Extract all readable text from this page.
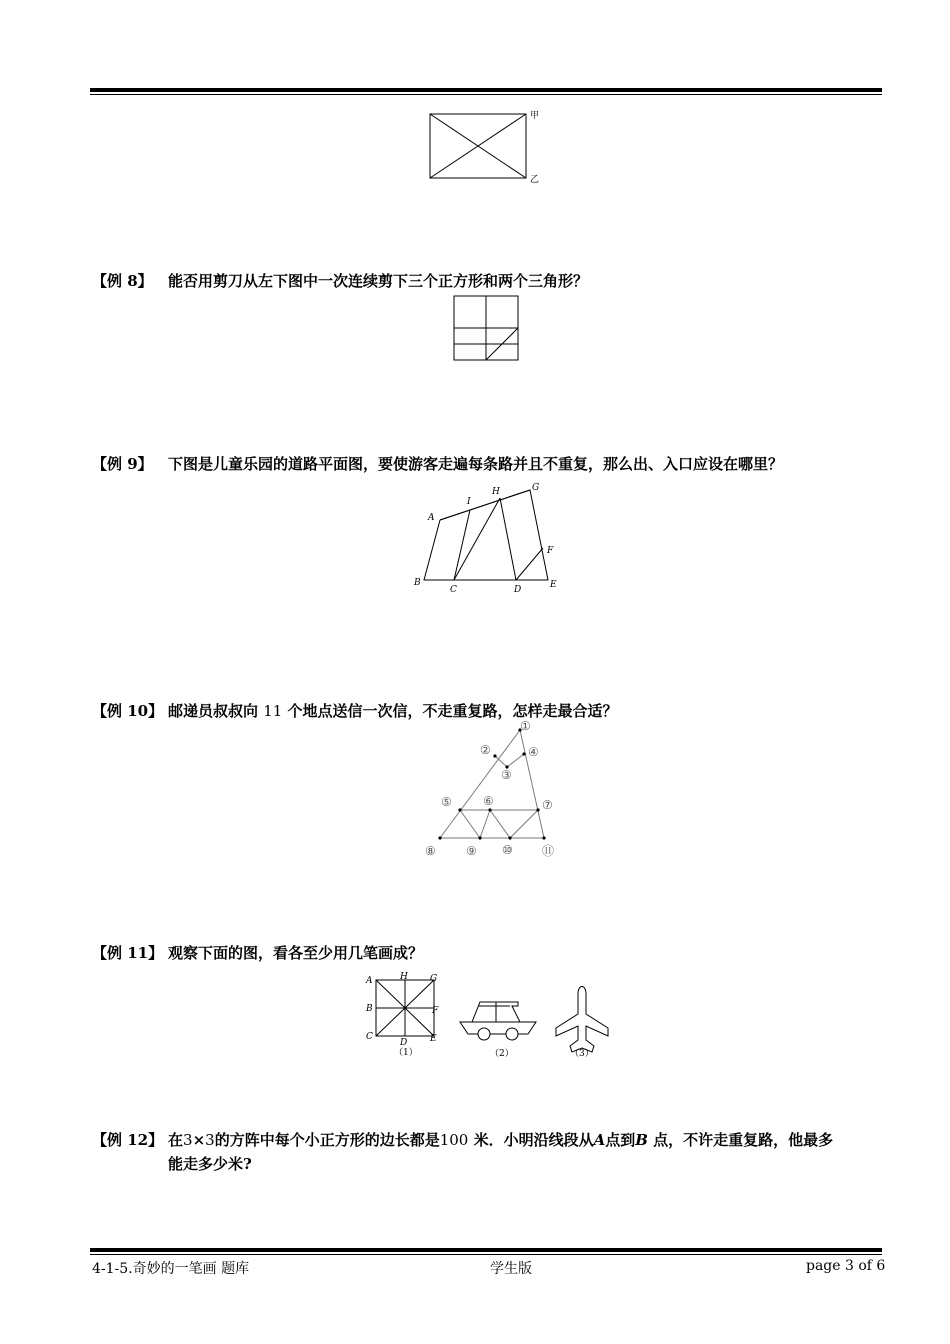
甲
乙
【例 8】 能否用剪刀从左下图中一次连续剪下三个正方形和两个三角形？
【例 9】 下图是儿童乐园的道路平面图，要使游客走遍每条路并且不重复，那么出、入口应设在哪里？
A
I
H	G
F
B
C	D	E
【例 10】 邮递员叔叔向 11 个地点送信一次信，不走重复路，怎样走最合适？
①
②	④
③
⑤	⑥	⑦
⑧	⑨ ⑩ ⑪
【例 11】 观察下面的图，看各至少用几笔画成？
A	H G
B	F
C
D	E
（1）	（2）	（3）
【例 12】 在3×3的方阵中每个小正方形的边长都是100 米．小明沿线段从A点到B 点，不许走重复路，他最多
能走多少米?
4-1-5.奇妙的一笔画 题库	学生版	page 3 of 6
